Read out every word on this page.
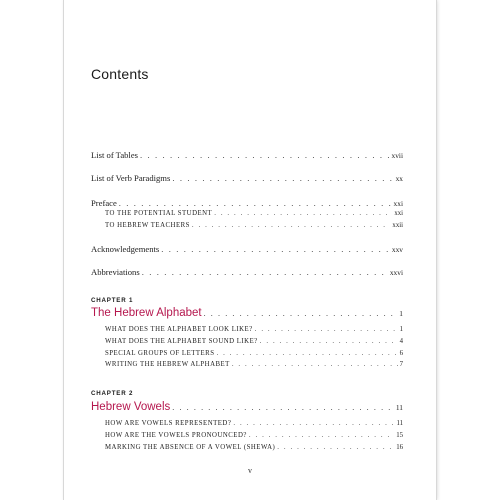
Contents
List of Tables . . .	xvii
List of Verb Paradigms . . .	xx
Preface . . .	xxi
TO THE POTENTIAL STUDENT . . .	xxi
TO HEBREW TEACHERS . . .	xxii
Acknowledgements . . .	xxv
Abbreviations . . .	xxvi
CHAPTER 1
The Hebrew Alphabet . . .	1
WHAT DOES THE ALPHABET LOOK LIKE? . . .	1
WHAT DOES THE ALPHABET SOUND LIKE? . . .	4
SPECIAL GROUPS OF LETTERS . . .	6
WRITING THE HEBREW ALPHABET . . .	7
CHAPTER 2
Hebrew Vowels . . .	11
HOW ARE VOWELS REPRESENTED? . . .	11
HOW ARE THE VOWELS PRONOUNCED? . . .	15
MARKING THE ABSENCE OF A VOWEL (SHEWA) . . .	16
v
